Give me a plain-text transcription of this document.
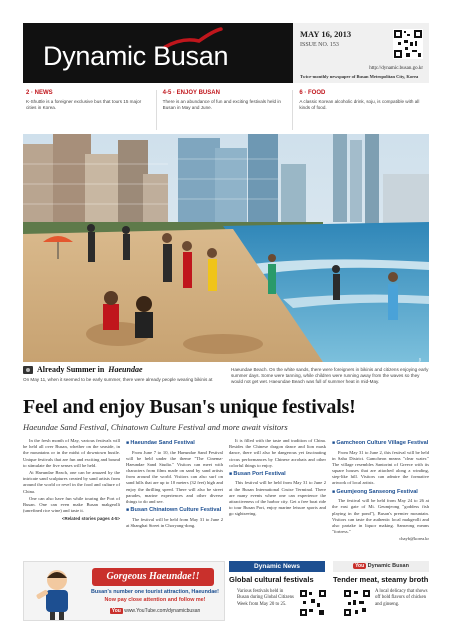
Dynamic Busan
MAY 16, 2013
ISSUE NO. 153
http://dynamic.busan.go.kr
Twice-monthly newspaper of Busan Metropolitan City, Korea
2 · NEWS
K-Shuttle is a foreigner exclusive bus that tours 15 major cities in Korea.
4-5 · ENJOY BUSAN
There is an abundance of fun and exciting festivals held in Busan in May and June.
6 · FOOD
A classic Korean alcoholic drink, soju, is compatible with all kinds of food.
Ko Jin-ho
Already Summer in Haeundae
On May 11, when it seemed to be early summer, there were already people wearing bikinis at
Haeundae Beach. On the white sands, there were foreigners in bikinis and citizens enjoying early summer days. Some were tanning, while children were running away from the waves so they would not get wet. Haeundae Beach was full of summer heat in mid-May.
Feel and enjoy Busan's unique festivals!
Haeundae Sand Festival, Chinatown Culture Festival and more await visitors

In the fresh month of May, various festivals will be held all over Busan, whether on the seaside, in the mountains or in the midst of downtown bustle. Unique festivals that are fun and exciting and bound to stimulate the five senses will be held.

At Haeundae Beach, one can be amazed by the intricate sand sculptures created by sand artists from around the world or revel in the food and culture of China.

One can also have fun while touring the Port of Busan. One can even make Busan makgeolli (unrefined rice wine) and taste it.

<Related stories pages 4-5>
■ Haeundae Sand Festival

From June 7 to 10, the Haeundae Sand Festival will be held under the theme "The Cinema-Haeundae Sand Studio." Visitors can meet with characters from films made on sand by sand artists from around the world. Visitors can also surf on sand hills that are up to 10 meters (32 feet) high and enjoy the thrilling speed. There will also be street parades, marine experiences and other diverse things to do and see.

■ Busan Chinatown Culture Festival

The festival will be held from May 31 to June 2 at Shanghai Street in Choryang-dong.

It is filled with the taste and tradition of China. Besides the Chinese dragon dance and lion mask dance, there will also be dangerous yet fascinating circus performances by Chinese acrobats and other colorful things to enjoy.

■ Busan Port Festival

This festival will be held from May 31 to June 2 at the Busan International Cruise Terminal. There are many events where one can experience the attractiveness of the harbor city. Get a free boat ride to tour Busan Port, enjoy marine leisure sports and go sightseeing.

■ Gamcheon Culture Village Festival

From May 31 to June 2, this festival will be held in Saha District. Gamcheon means "clear water." The village resembles Santorini of Greece with its square houses that are attached along a winding, step-like hill. Visitors can admire the formative artwork of local artists.

■ Geumjeong Sanseong Festival

The festival will be held from May 24 to 26 at the east gate of Mt. Geumjeong "goddess fish playing in the pond"), Busan's premier mountain. Visitors can taste the authentic local makgeolli and also partake in liquor making. Sanseong means "fortress."

chayb@korea.kr
Gorgeous Haeundae!!
Busan's number one tourist attraction, Haeundae!
Now pay close attention and follow me!
You www.YouTube.com/dynamicbusan
Dynamic News	You Dynamic Busan
Global cultural festivals	Tender meat, steamy broth
Various festivals held in Busan during Global Citizens Week from May 20 to 25.
A local delicacy that shows off bold flavors of chicken and ginseng.
